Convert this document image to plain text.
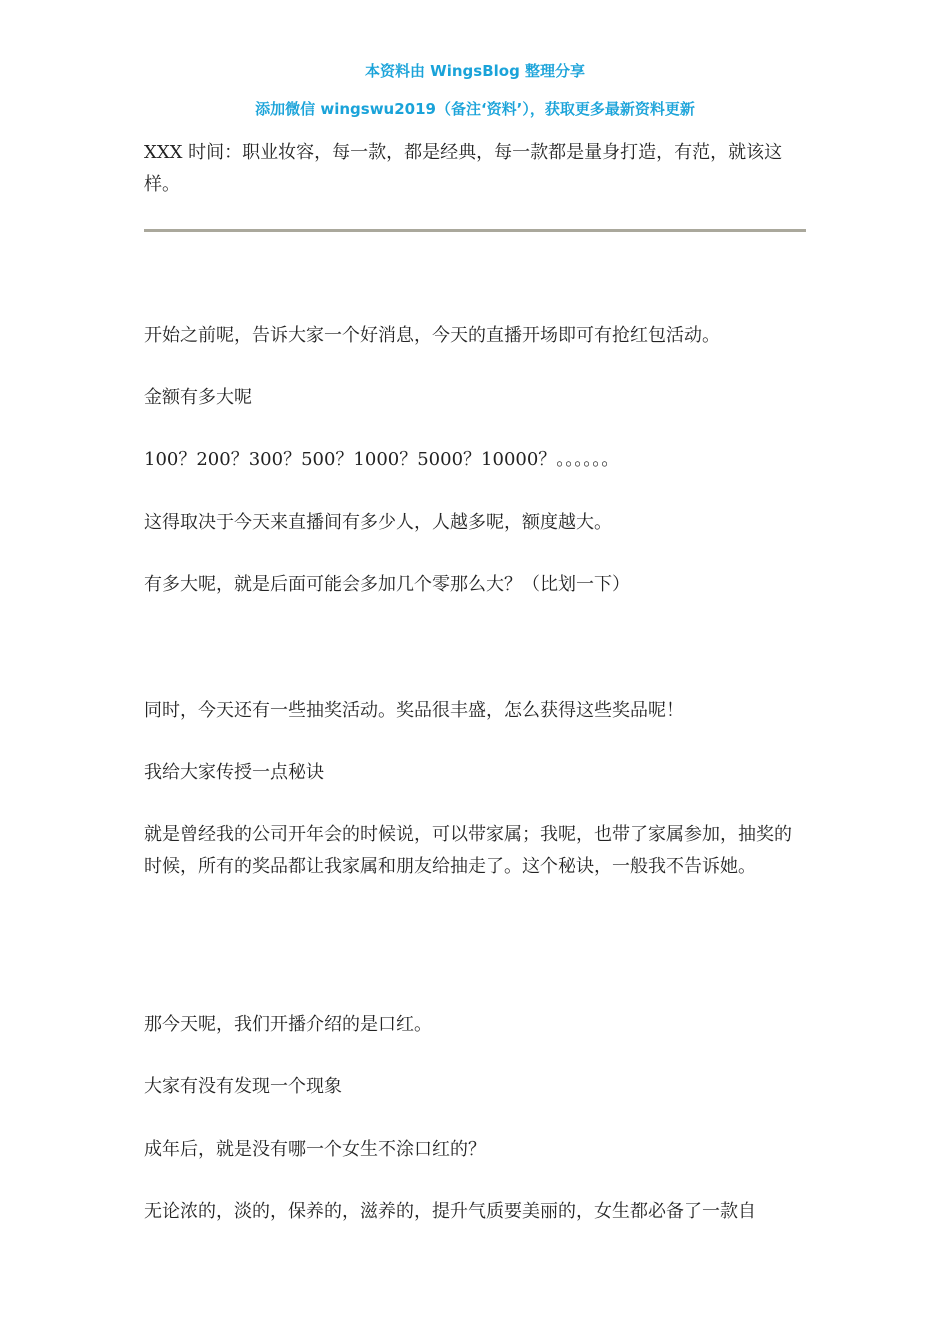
本资料由 WingsBlog 整理分享
添加微信 wingswu2019（备注‘资料’），获取更多最新资料更新
XXX 时间：职业妆容，每一款，都是经典，每一款都是量身打造，有范，就该这样。
开始之前呢，告诉大家一个好消息，今天的直播开场即可有抢红包活动。
金额有多大呢
100？200？300？500？1000？5000？10000？。。。。。。
这得取决于今天来直播间有多少人，人越多呢，额度越大。
有多大呢，就是后面可能会多加几个零那么大？（比划一下）
同时，今天还有一些抽奖活动。奖品很丰盛，怎么获得这些奖品呢！
我给大家传授一点秘诀
就是曾经我的公司开年会的时候说，可以带家属；我呢，也带了家属参加，抽奖的时候，所有的奖品都让我家属和朋友给抽走了。这个秘诀，一般我不告诉她。
那今天呢，我们开播介绍的是口红。
大家有没有发现一个现象
成年后，就是没有哪一个女生不涂口红的？
无论浓的，淡的，保养的，滋养的，提升气质要美丽的，女生都必备了一款自
